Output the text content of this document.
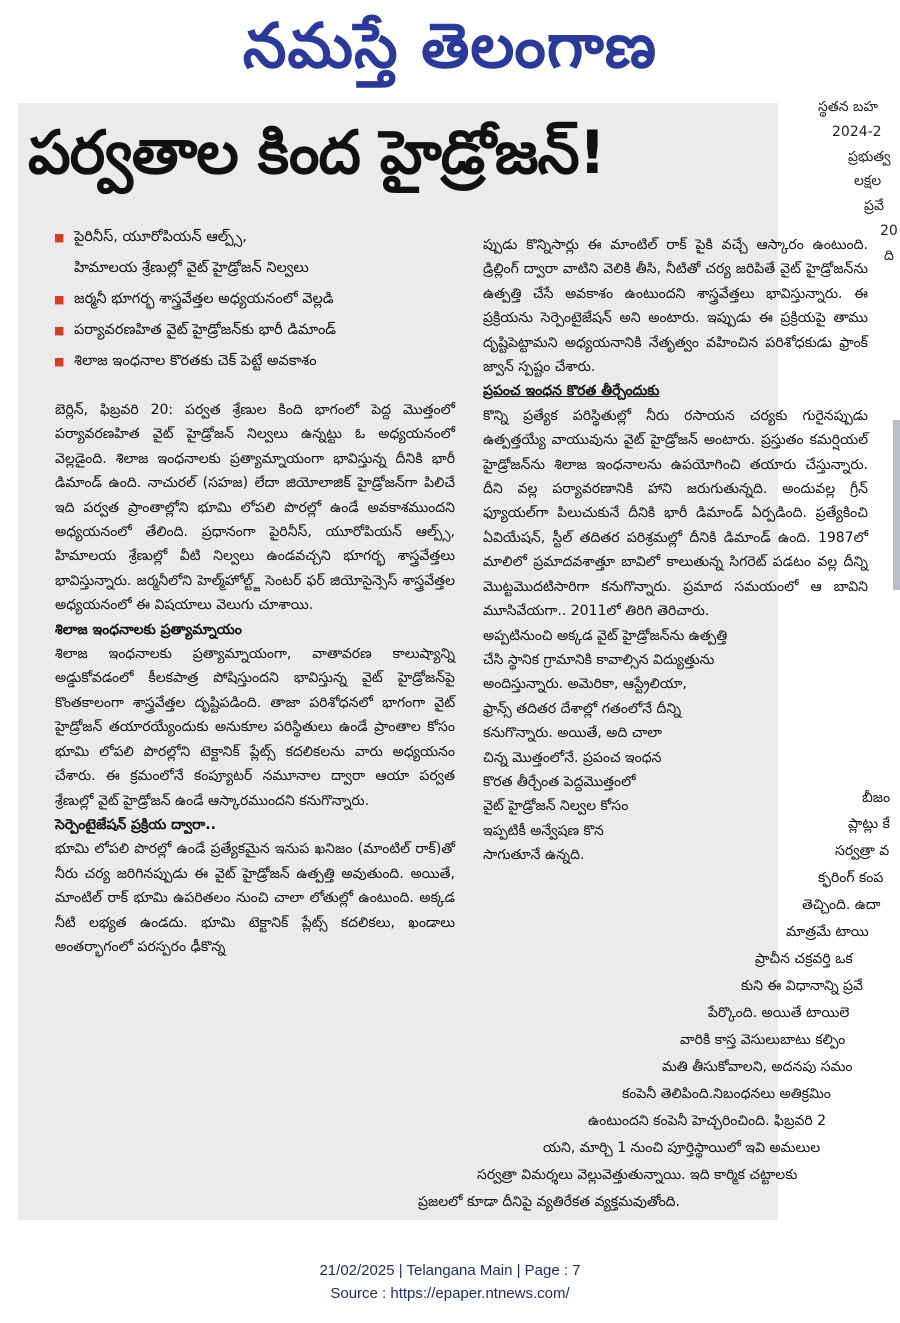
నమస్తే తెలంగాణ
పర్వతాల కింద హైడ్రోజన్!
■ పైరినీస్, యూరోపియన్ ఆల్ప్స్,
హిమాలయ శ్రేణుల్లో వైట్ హైడ్రోజన్ నిల్వలు
■ జర్మనీ భూగర్భ శాస్త్రవేత్తల అధ్యయనంలో వెల్లడి
■ పర్యావరణహిత వైట్ హైడ్రోజన్‌కు భారీ డిమాండ్
■ శిలాజ ఇంధనాల కొరతకు చెక్ పెట్టే అవకాశం

బెర్లిన్, ఫిబ్రవరి 20: పర్వత శ్రేణుల కింది భాగంలో పెద్ద మొత్తంలో పర్యావరణహిత వైట్ హైడ్రోజన్ నిల్వలు ఉన్నట్టు ఓ అధ్యయనంలో వెల్లడైంది. శిలాజ ఇంధనాలకు ప్రత్యామ్నాయంగా భావిస్తున్న దీనికి భారీ డిమాండ్ ఉంది. నాచురల్ (సహజ) లేదా జియోలాజిక్ హైడ్రోజన్‌గా పిలిచే ఇది పర్వత ప్రాంతాల్లోని భూమి లోపలి పొరల్లో ఉండే అవకాశముందని అధ్యయనంలో తేలింది. ప్రధానంగా పైరినీస్, యూరోపియన్ ఆల్ప్స్, హిమాలయ శ్రేణుల్లో వీటి నిల్వలు ఉండవచ్చని భూగర్భ శాస్త్రవేత్తలు భావిస్తున్నారు. జర్మనీలోని హెల్మ్‌హోల్ట్జ్ సెంటర్ ఫర్ జియోసైన్సెస్ శాస్త్రవేత్తల అధ్యయనంలో ఈ విషయాలు వెలుగు చూశాయి.

శిలాజ ఇంధనాలకు ప్రత్యామ్నాయం

శిలాజ ఇంధనాలకు ప్రత్యామ్నాయంగా, వాతావరణ కాలుష్యాన్ని అడ్డుకోవడంలో కీలకపాత్ర పోషిస్తుందని భావిస్తున్న వైట్ హైడ్రోజన్‌పై కొంతకాలంగా శాస్త్రవేత్తల దృష్టిపడింది. తాజా పరిశోధనలో భాగంగా వైట్ హైడ్రోజన్ తయారయ్యేందుకు అనుకూల పరిస్థితులు ఉండే ప్రాంతాల కోసం భూమి లోపలి పొరల్లోని టెక్టానిక్ ప్లేట్స్ కదలికలను వారు అధ్యయనం చేశారు. ఈ క్రమంలోనే కంప్యూటర్ నమూనాల ద్వారా ఆయా పర్వత శ్రేణుల్లో వైట్ హైడ్రోజన్ ఉండే ఆస్కారముందని కనుగొన్నారు.

సెర్పెంటైజేషన్ ప్రక్రియ ద్వారా..

భూమి లోపలి పొరల్లో ఉండే ప్రత్యేకమైన ఇనుప ఖనిజం (మాంటిల్ రాక్)తో నీరు చర్య జరిగినప్పుడు ఈ వైట్ హైడ్రోజన్ ఉత్పత్తి అవుతుంది. అయితే, మాంటిల్ రాక్ భూమి ఉపరితలం నుంచి చాలా లోతుల్లో ఉంటుంది. అక్కడ నీటి లభ్యత ఉండదు. భూమి టెక్టానిక్ ప్లేట్స్ కదలికలు, ఖండాలు అంతర్భాగంలో పరస్పరం ఢీకొన్న

ప్పుడు కొన్నిసార్లు ఈ మాంటిల్ రాక్ పైకి వచ్చే ఆస్కారం ఉంటుంది. డ్రిల్లింగ్ ద్వారా వాటిని వెలికి తీసి, నీటితో చర్య జరిపితే వైట్ హైడ్రోజన్‌ను ఉత్పత్తి చేసే అవకాశం ఉంటుందని శాస్త్రవేత్తలు భావిస్తున్నారు. ఈ ప్రక్రియను సెర్పెంటైజేషన్ అని అంటారు. ఇప్పుడు ఈ ప్రక్రియపై తాము దృష్టిపెట్టామని అధ్యయనానికి నేతృత్వం వహించిన పరిశోధకుడు ఫ్రాంక్ జ్వాన్ స్పష్టం చేశారు.

ప్రపంచ ఇంధన కొరత తీర్చేందుకు

కొన్ని ప్రత్యేక పరిస్థితుల్లో నీరు రసాయన చర్యకు గురైనప్పుడు ఉత్పత్తయ్యే వాయువును వైట్ హైడ్రోజన్ అంటారు. ప్రస్తుతం కమర్షియల్ హైడ్రోజన్‌ను శిలాజ ఇంధనాలను ఉపయోగించి తయారు చేస్తున్నారు. దీని వల్ల పర్యావరణానికి హాని జరుగుతున్నది. అందువల్ల గ్రీన్ ఫ్యూయల్‌గా పిలుచుకునే దీనికి భారీ డిమాండ్ ఏర్పడింది. ప్రత్యేకించి ఏవియేషన్, స్టీల్ తదితర పరిశ్రమల్లో దీనికి డిమాండ్ ఉంది. 1987లో మాలిలో ప్రమాదవశాత్తూ బావిలో కాలుతున్న సిగరెట్ పడటం వల్ల దీన్ని మొట్టమొదటిసారిగా కనుగొన్నారు. ప్రమాద సమయంలో ఆ బావిని మూసివేయగా.. 2011లో తిరిగి తెరిచారు.

అప్పటినుంచి అక్కడ వైట్ హైడ్రోజన్‌ను ఉత్పత్తి
చేసి స్థానిక గ్రామానికి కావాల్సిన విద్యుత్తును
అందిస్తున్నారు. అమెరికా, ఆస్ట్రేలియా,
ఫ్రాన్స్ తదితర దేశాల్లో గతంలోనే దీన్ని
కనుగొన్నారు. అయితే, అది చాలా
చిన్న మొత్తంలోనే. ప్రపంచ ఇంధన
కొరత తీర్చేంత పెద్దమొత్తంలో
వైట్ హైడ్రోజన్ నిల్వల కోసం
ఇప్పటికీ అన్వేషణ కొన
సాగుతూనే ఉన్నది.
స్థతన బహ
2024-2
ప్రభుత్వ
లక్షల
ప్రవే
20
ది
బీజం
ప్లాట్లు కే
సర్వత్రా వ
క్ఫరింగ్ కంప
తెచ్చింది. ఉదా
మాత్రమే టాయి
ప్రాచీన చక్రవర్తి ఒక
కుని ఈ విధానాన్ని ప్రవే
పేర్కొంది. అయితే టాయిలె
వారికి కాస్త వెసులుబాటు కల్పిం
మతి తీసుకోవాలని, అదనపు సమం
కంపెనీ తెలిపింది.నిబంధనలు అతిక్రమిం
ఉంటుందని కంపెనీ హెచ్చరించింది. ఫిబ్రవరి 2
యని, మార్చి 1 నుంచి పూర్తిస్థాయిలో ఇవి అమలుల
సర్వత్రా విమర్శలు వెల్లువెత్తుతున్నాయి. ఇది కార్మిక చట్టాలకు
ప్రజలలో కూడా దీనిపై వ్యతిరేకత వ్యక్తమవుతోంది.
21/02/2025 | Telangana Main | Page : 7
Source : https://epaper.ntnews.com/
